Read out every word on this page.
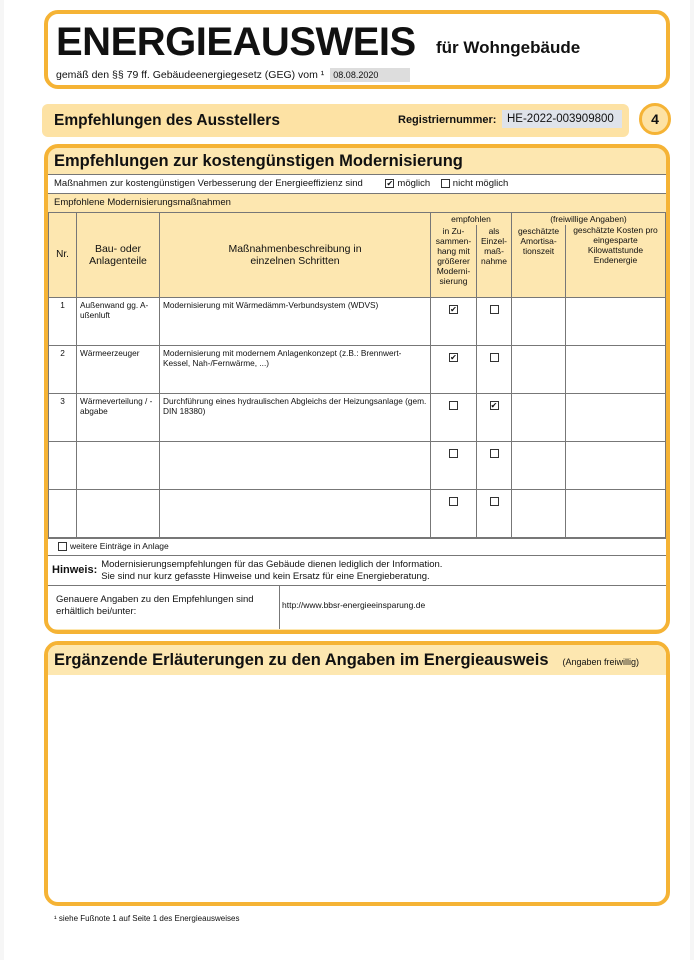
ENERGIEAUSWEIS für Wohngebäude
gemäß den §§ 79 ff. Gebäudeenergiegesetz (GEG) vom ¹ 08.08.2020
Empfehlungen des Ausstellers	Registriernummer: HE-2022-003909800	4
Empfehlungen zur kostengünstigen Modernisierung
Maßnahmen zur kostengünstigen Verbesserung der Energieeffizienz sind	✔ möglich nicht möglich
Empfohlene Modernisierungsmaßnahmen
Nr.	Bau- oder Anlagenteile	Maßnahmenbeschreibung in einzelnen Schritten	empfohlen		(freiwillige Angaben)	
			in Zu-sammen-hang mit größerer Moderni-sierung	als Einzel-maß-nahme	geschätzte Amortisa-tionszeit	geschätzte Kosten pro eingesparte Kilowattstunde Endenergie
1	Außenwand gg. A-ußenluft	Modernisierung mit Wärmedämm-Verbundsystem (WDVS)	✔			
2	Wärmeerzeuger	Modernisierung mit modernem Anlagenkonzept (z.B.: Brennwert-Kessel, Nah-/Fernwärme, ...)	✔			
3	Wärmeverteilung / -abgabe	Durchführung eines hydraulischen Abgleichs der Heizungsanlage (gem. DIN 18380)		✔		

weitere Einträge in Anlage
Hinweis: Modernisierungsempfehlungen für das Gebäude dienen lediglich der Information.
Sie sind nur kurz gefasste Hinweise und kein Ersatz für eine Energieberatung.
Genauere Angaben zu den Empfehlungen sind erhältlich bei/unter:
http://www.bbsr-energieeinsparung.de
Ergänzende Erläuterungen zu den Angaben im Energieausweis (Angaben freiwillig)
¹ siehe Fußnote 1 auf Seite 1 des Energieausweises
